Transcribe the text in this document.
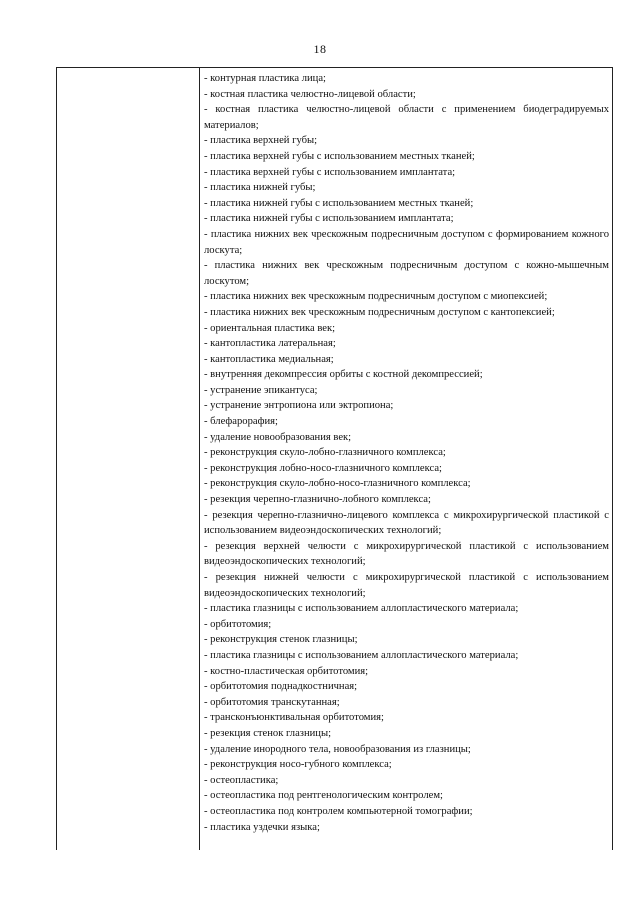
18

- контурная пластика лица;

- костная пластика челюстно-лицевой области;

- костная пластика челюстно-лицевой области с применением биодеградируемых материалов;

- пластика верхней губы;

- пластика верхней губы с использованием местных тканей;

- пластика верхней губы с использованием имплантата;

- пластика нижней губы;

- пластика нижней губы с использованием местных тканей;

- пластика нижней губы с использованием имплантата;

- пластика нижних век чрескожным подресничным доступом с формированием кожного лоскута;

- пластика нижних век чрескожным подресничным доступом с кожно-мышечным лоскутом;

- пластика нижних век чрескожным подресничным доступом с миопексией;

- пластика нижних век чрескожным подресничным доступом с кантопексией;

- ориентальная пластика век;

- кантопластика латеральная;

- кантопластика медиальная;

- внутренняя декомпрессия орбиты с костной декомпрессией;

- устранение эпикантуса;

- устранение энтропиона или эктропиона;

- блефарорафия;

- удаление новообразования век;

- реконструкция скуло-лобно-глазничного комплекса;

- реконструкция лобно-носо-глазничного комплекса;

- реконструкция скуло-лобно-носо-глазничного комплекса;

- резекция черепно-глазнично-лобного комплекса;

- резекция черепно-глазнично-лицевого комплекса с микрохирургической пластикой с использованием видеоэндоскопических технологий;

- резекция верхней челюсти с микрохирургической пластикой с использованием видеоэндоскопических технологий;

- резекция нижней челюсти с микрохирургической пластикой с использованием видеоэндоскопических технологий;

- пластика глазницы с использованием аллопластического материала;

- орбитотомия;

- реконструкция стенок глазницы;

- пластика глазницы с использованием аллопластического материала;

- костно-пластическая орбитотомия;

- орбитотомия поднадкостничная;

- орбитотомия транскутанная;

- трансконъюнктивальная орбитотомия;

- резекция стенок глазницы;

- удаление инородного тела, новообразования из глазницы;

- реконструкция носо-губного комплекса;

- остеопластика;

- остеопластика под рентгенологическим контролем;

- остеопластика под контролем компьютерной томографии;

- пластика уздечки языка;
